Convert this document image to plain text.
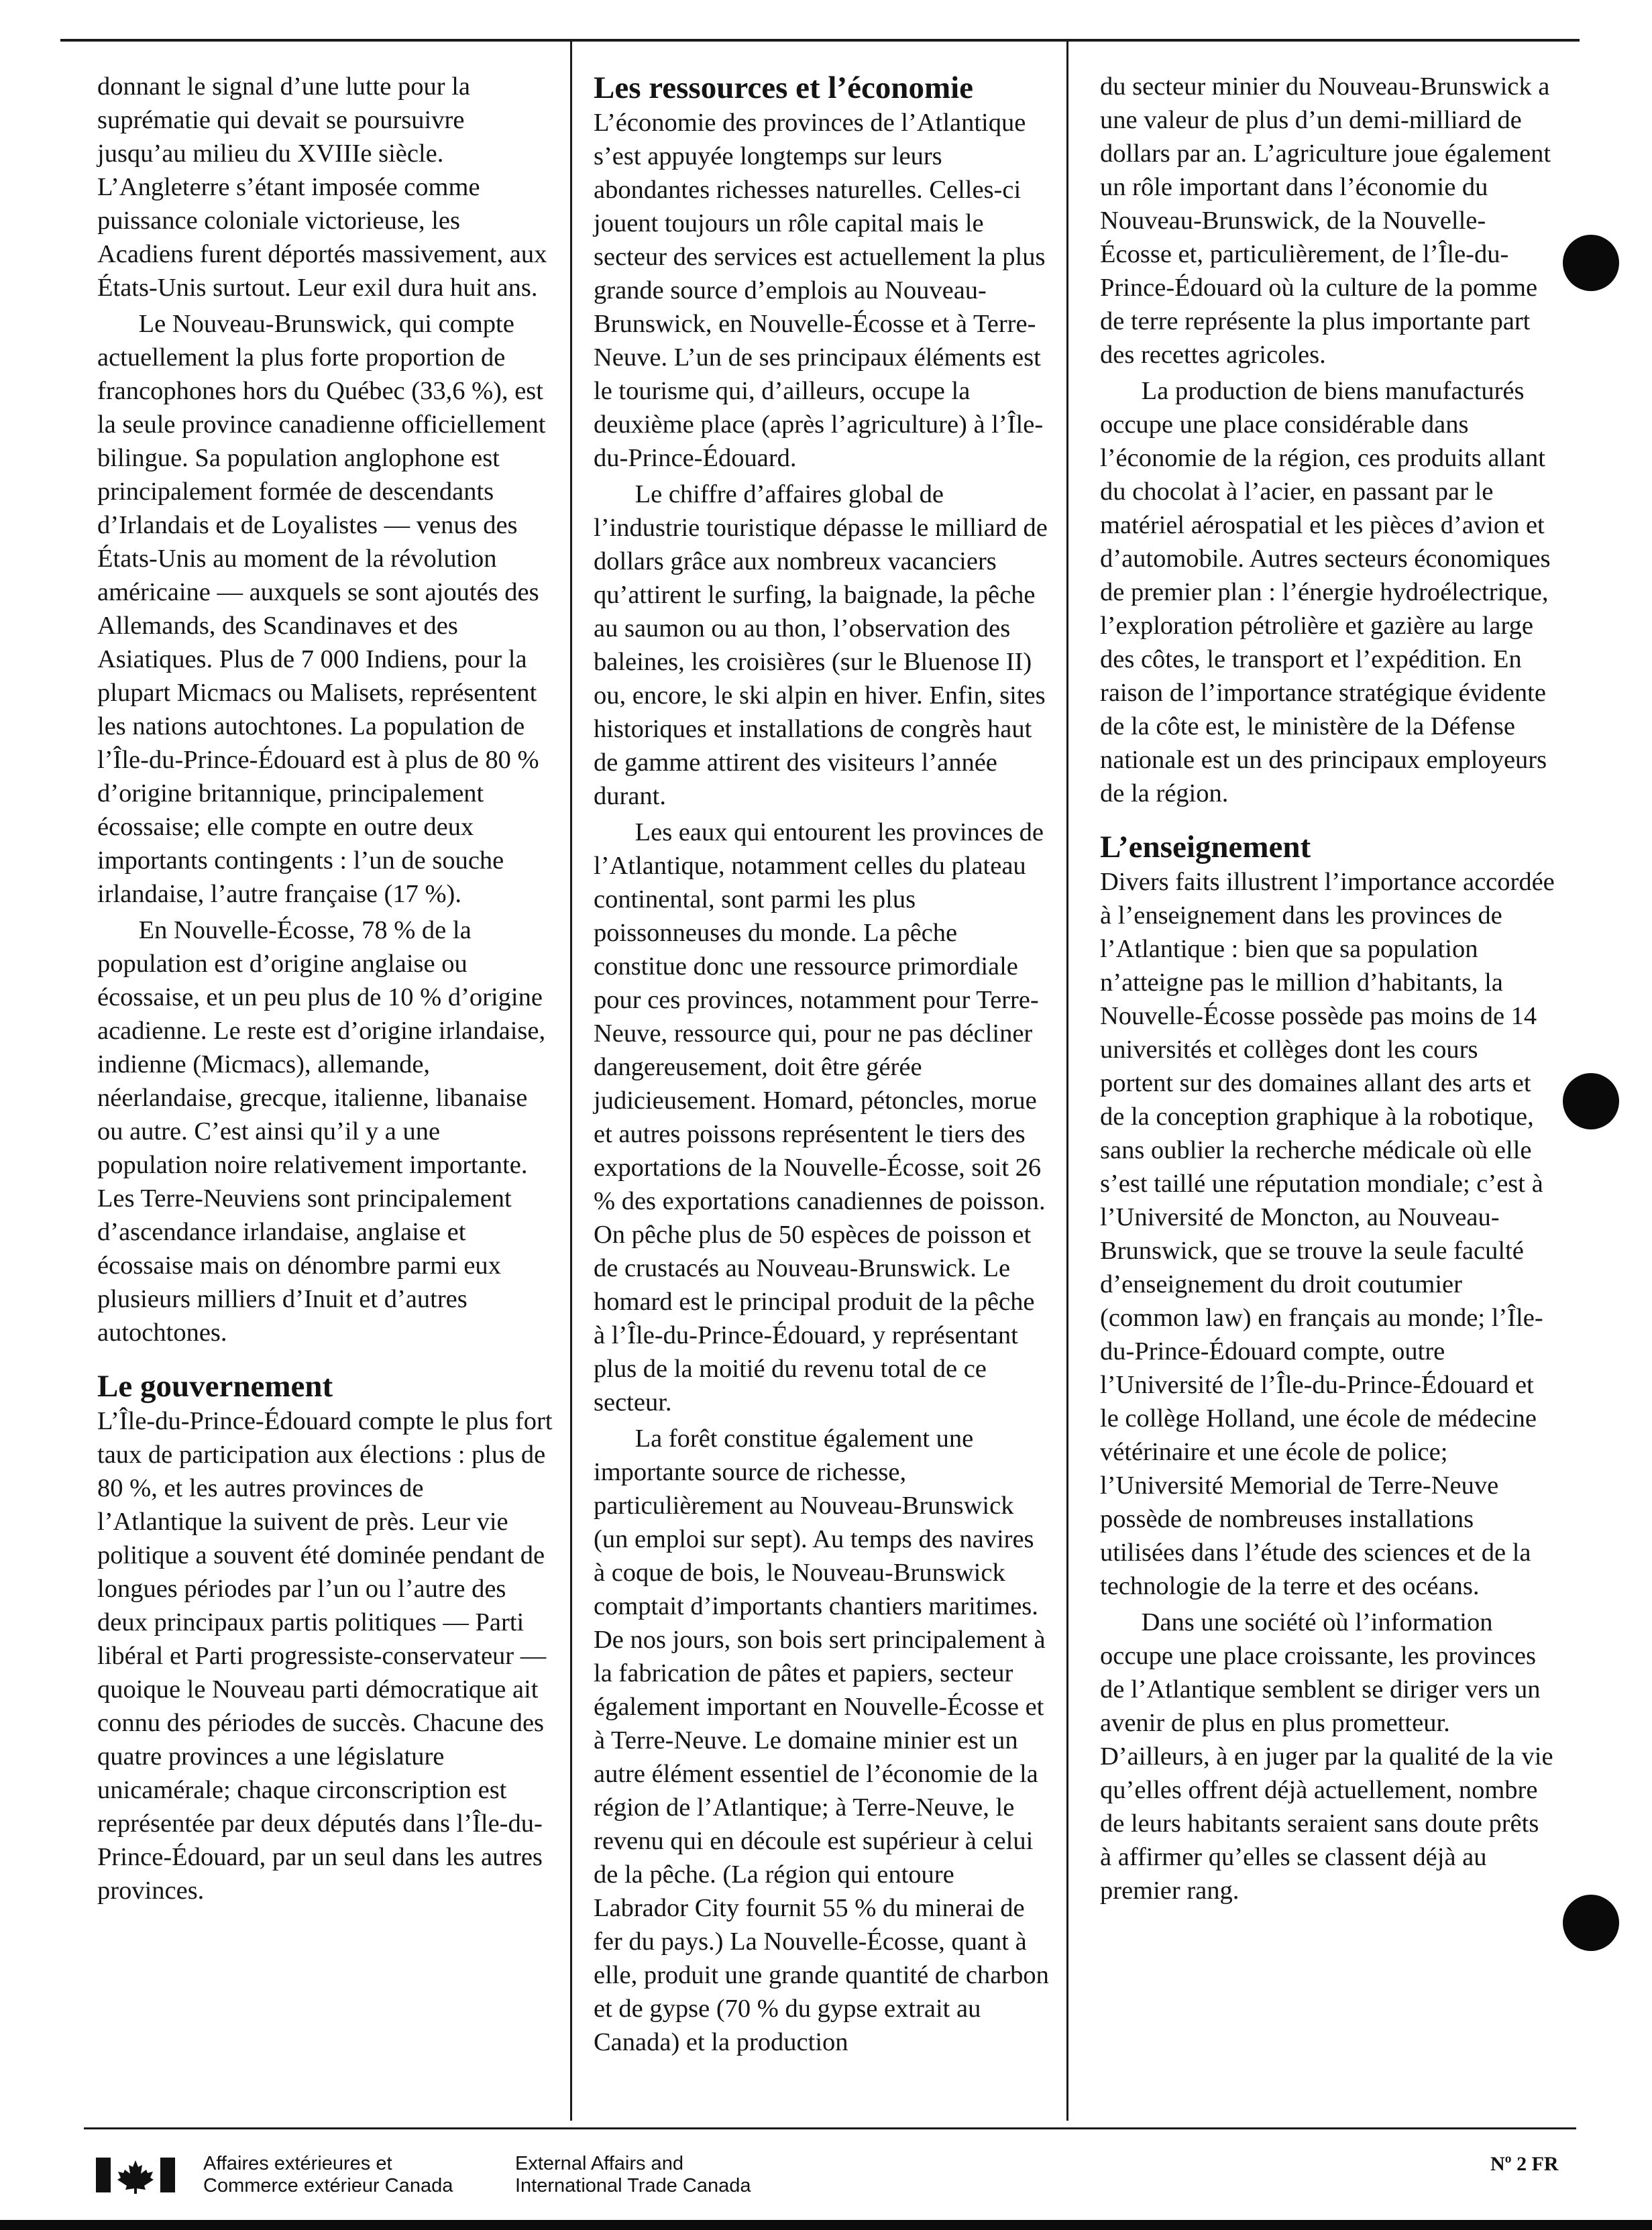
donnant le signal d’une lutte pour la suprématie qui devait se poursuivre jusqu’au milieu du XVIIIe siècle. L’Angleterre s’étant imposée comme puissance coloniale victorieuse, les Acadiens furent déportés massivement, aux États-Unis surtout. Leur exil dura huit ans.

Le Nouveau-Brunswick, qui compte actuellement la plus forte proportion de francophones hors du Québec (33,6 %), est la seule province canadienne officiellement bilingue. Sa population anglophone est principalement formée de descendants d’Irlandais et de Loyalistes — venus des États-Unis au moment de la révolution américaine — auxquels se sont ajoutés des Allemands, des Scandinaves et des Asiatiques. Plus de 7 000 Indiens, pour la plupart Micmacs ou Malisets, représentent les nations autochtones. La population de l’Île-du-Prince-Édouard est à plus de 80 % d’origine britannique, principalement écossaise; elle compte en outre deux importants contingents : l’un de souche irlandaise, l’autre française (17 %).

En Nouvelle-Écosse, 78 % de la population est d’origine anglaise ou écossaise, et un peu plus de 10 % d’origine acadienne. Le reste est d’origine irlandaise, indienne (Micmacs), allemande, néerlandaise, grecque, italienne, libanaise ou autre. C’est ainsi qu’il y a une population noire relativement importante. Les Terre-Neuviens sont principalement d’ascendance irlandaise, anglaise et écossaise mais on dénombre parmi eux plusieurs milliers d’Inuit et d’autres autochtones.

Le gouvernement

L’Île-du-Prince-Édouard compte le plus fort taux de participation aux élections : plus de 80 %, et les autres provinces de l’Atlantique la suivent de près. Leur vie politique a souvent été dominée pendant de longues périodes par l’un ou l’autre des deux principaux partis politiques — Parti libéral et Parti progressiste-conservateur — quoique le Nouveau parti démocratique ait connu des périodes de succès. Chacune des quatre provinces a une législature unicamérale; chaque circonscription est représentée par deux députés dans l’Île-du-Prince-Édouard, par un seul dans les autres provinces.

Les ressources et l’économie

L’économie des provinces de l’Atlantique s’est appuyée longtemps sur leurs abondantes richesses naturelles. Celles-ci jouent toujours un rôle capital mais le secteur des services est actuellement la plus grande source d’emplois au Nouveau-Brunswick, en Nouvelle-Écosse et à Terre-Neuve. L’un de ses principaux éléments est le tourisme qui, d’ailleurs, occupe la deuxième place (après l’agriculture) à l’Île-du-Prince-Édouard.

Le chiffre d’affaires global de l’industrie touristique dépasse le milliard de dollars grâce aux nombreux vacanciers qu’attirent le surfing, la baignade, la pêche au saumon ou au thon, l’observation des baleines, les croisières (sur le Bluenose II) ou, encore, le ski alpin en hiver. Enfin, sites historiques et installations de congrès haut de gamme attirent des visiteurs l’année durant.

Les eaux qui entourent les provinces de l’Atlantique, notamment celles du plateau continental, sont parmi les plus poissonneuses du monde. La pêche constitue donc une ressource primordiale pour ces provinces, notamment pour Terre-Neuve, ressource qui, pour ne pas décliner dangereusement, doit être gérée judicieusement. Homard, pétoncles, morue et autres poissons représentent le tiers des exportations de la Nouvelle-Écosse, soit 26 % des exportations canadiennes de poisson. On pêche plus de 50 espèces de poisson et de crustacés au Nouveau-Brunswick. Le homard est le principal produit de la pêche à l’Île-du-Prince-Édouard, y représentant plus de la moitié du revenu total de ce secteur.

La forêt constitue également une importante source de richesse, particulièrement au Nouveau-Brunswick (un emploi sur sept). Au temps des navires à coque de bois, le Nouveau-Brunswick comptait d’importants chantiers maritimes. De nos jours, son bois sert principalement à la fabrication de pâtes et papiers, secteur également important en Nouvelle-Écosse et à Terre-Neuve. Le domaine minier est un autre élément essentiel de l’économie de la région de l’Atlantique; à Terre-Neuve, le revenu qui en découle est supérieur à celui de la pêche. (La région qui entoure Labrador City fournit 55 % du minerai de fer du pays.) La Nouvelle-Écosse, quant à elle, produit une grande quantité de charbon et de gypse (70 % du gypse extrait au Canada) et la production

du secteur minier du Nouveau-Brunswick a une valeur de plus d’un demi-milliard de dollars par an. L’agriculture joue également un rôle important dans l’économie du Nouveau-Brunswick, de la Nouvelle-Écosse et, particulièrement, de l’Île-du-Prince-Édouard où la culture de la pomme de terre représente la plus importante part des recettes agricoles.

La production de biens manufacturés occupe une place considérable dans l’économie de la région, ces produits allant du chocolat à l’acier, en passant par le matériel aérospatial et les pièces d’avion et d’automobile. Autres secteurs économiques de premier plan : l’énergie hydroélectrique, l’exploration pétrolière et gazière au large des côtes, le transport et l’expédition. En raison de l’importance stratégique évidente de la côte est, le ministère de la Défense nationale est un des principaux employeurs de la région.

L’enseignement

Divers faits illustrent l’importance accordée à l’enseignement dans les provinces de l’Atlantique : bien que sa population n’atteigne pas le million d’habitants, la Nouvelle-Écosse possède pas moins de 14 universités et collèges dont les cours portent sur des domaines allant des arts et de la conception graphique à la robotique, sans oublier la recherche médicale où elle s’est taillé une réputation mondiale; c’est à l’Université de Moncton, au Nouveau-Brunswick, que se trouve la seule faculté d’enseignement du droit coutumier (common law) en français au monde; l’Île-du-Prince-Édouard compte, outre l’Université de l’Île-du-Prince-Édouard et le collège Holland, une école de médecine vétérinaire et une école de police; l’Université Memorial de Terre-Neuve possède de nombreuses installations utilisées dans l’étude des sciences et de la technologie de la terre et des océans.

Dans une société où l’information occupe une place croissante, les provinces de l’Atlantique semblent se diriger vers un avenir de plus en plus prometteur. D’ailleurs, à en juger par la qualité de la vie qu’elles offrent déjà actuellement, nombre de leurs habitants seraient sans doute prêts à affirmer qu’elles se classent déjà au premier rang.

Affaires extérieures et
Commerce extérieur Canada
External Affairs and
International Trade Canada
Nº 2 FR
